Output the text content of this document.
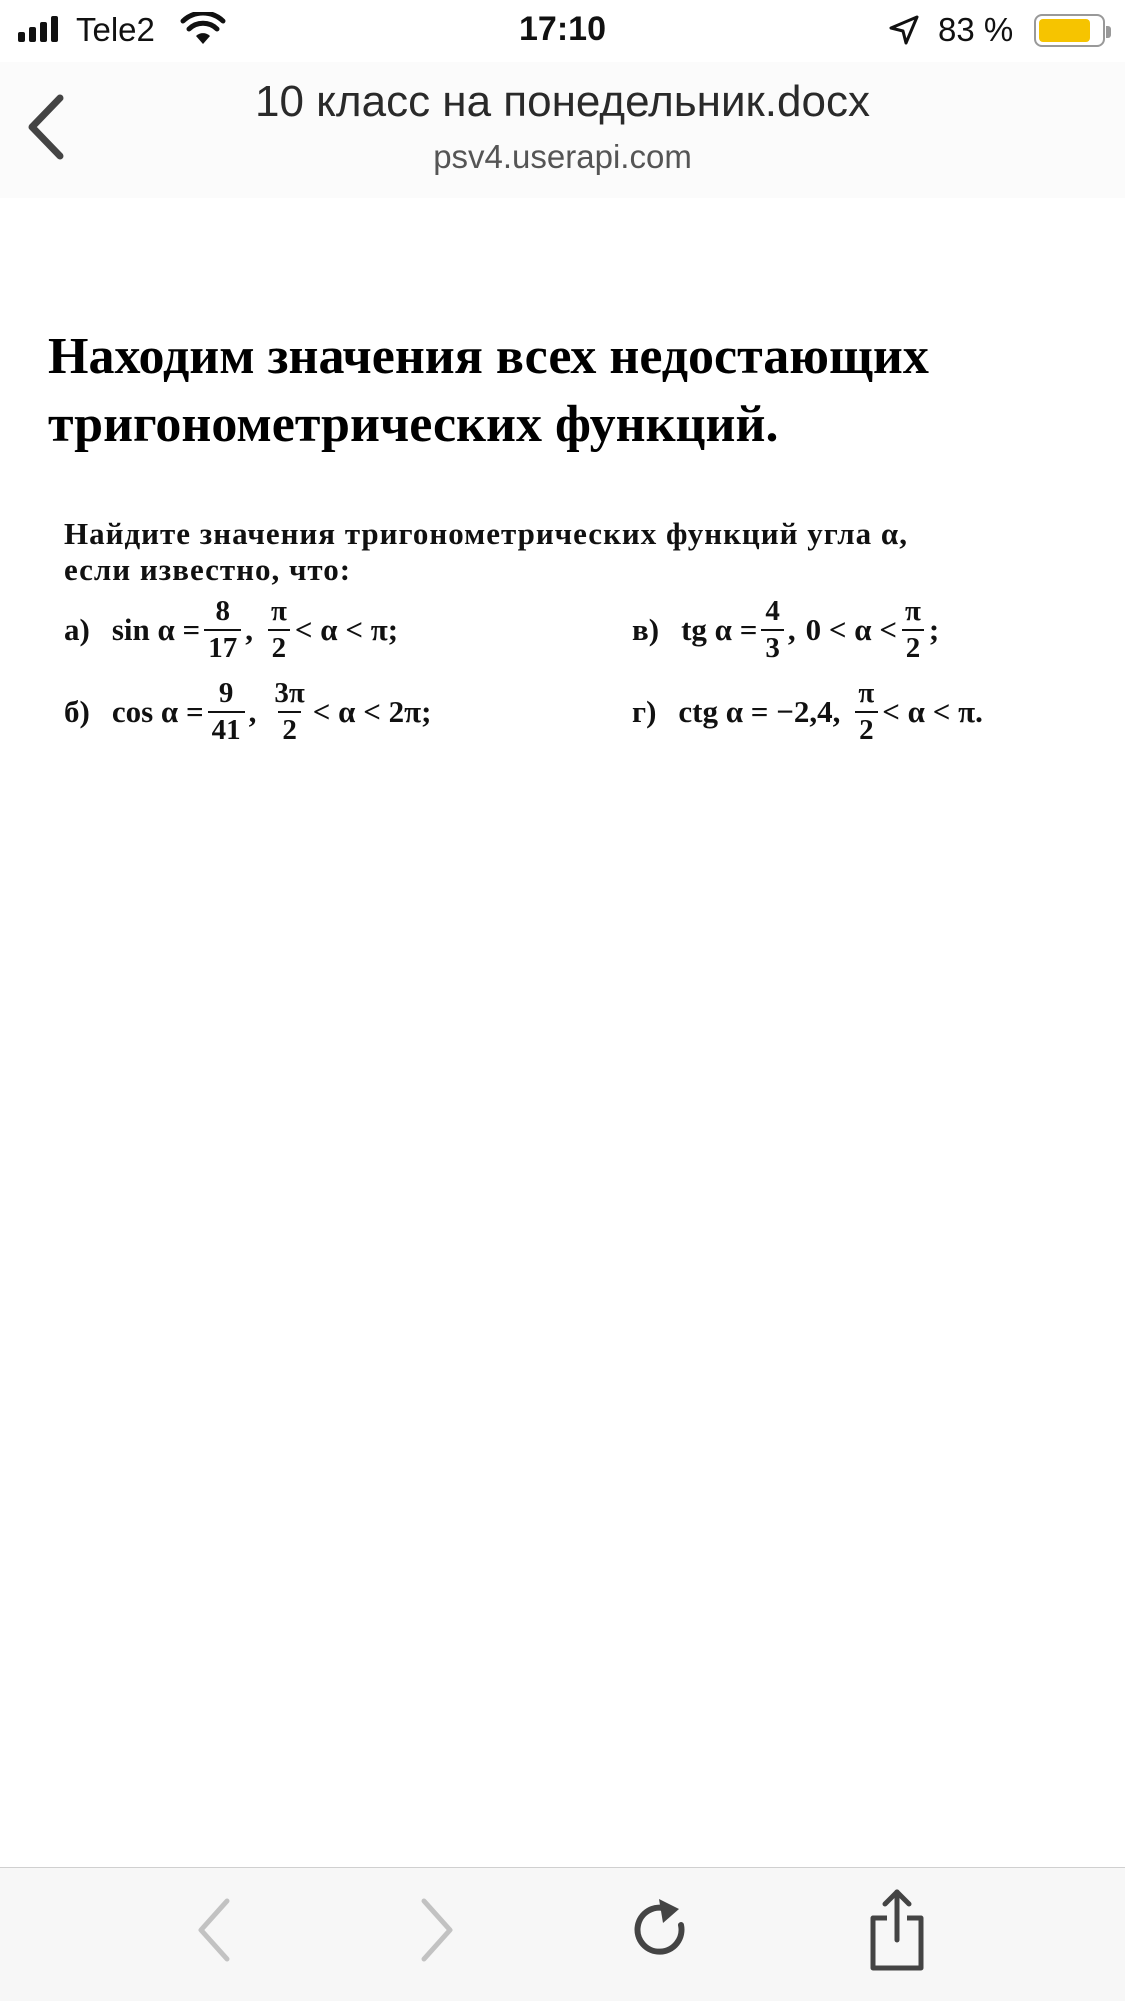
Tele2	17:10	83 %
10 класс на понедельник.docx
psv4.userapi.com
Находим значения всех недостающих тригонометрических функций.
Найдите значения тригонометрических функций угла α,
если известно, что:
а) $\sin \alpha = \frac{8}{17}$ , $\frac{\pi}{2} < \alpha < \pi$;	в) tg $\alpha = \frac{4}{3}$ , $0 < \alpha < \frac{\pi}{2}$ ;
б) $\cos \alpha = \frac{9}{41}$ , $\frac{3\pi}{2} < \alpha < 2\pi$;	г) ctg α = −2,4, $\frac{\pi}{2} < \alpha < \pi$.
